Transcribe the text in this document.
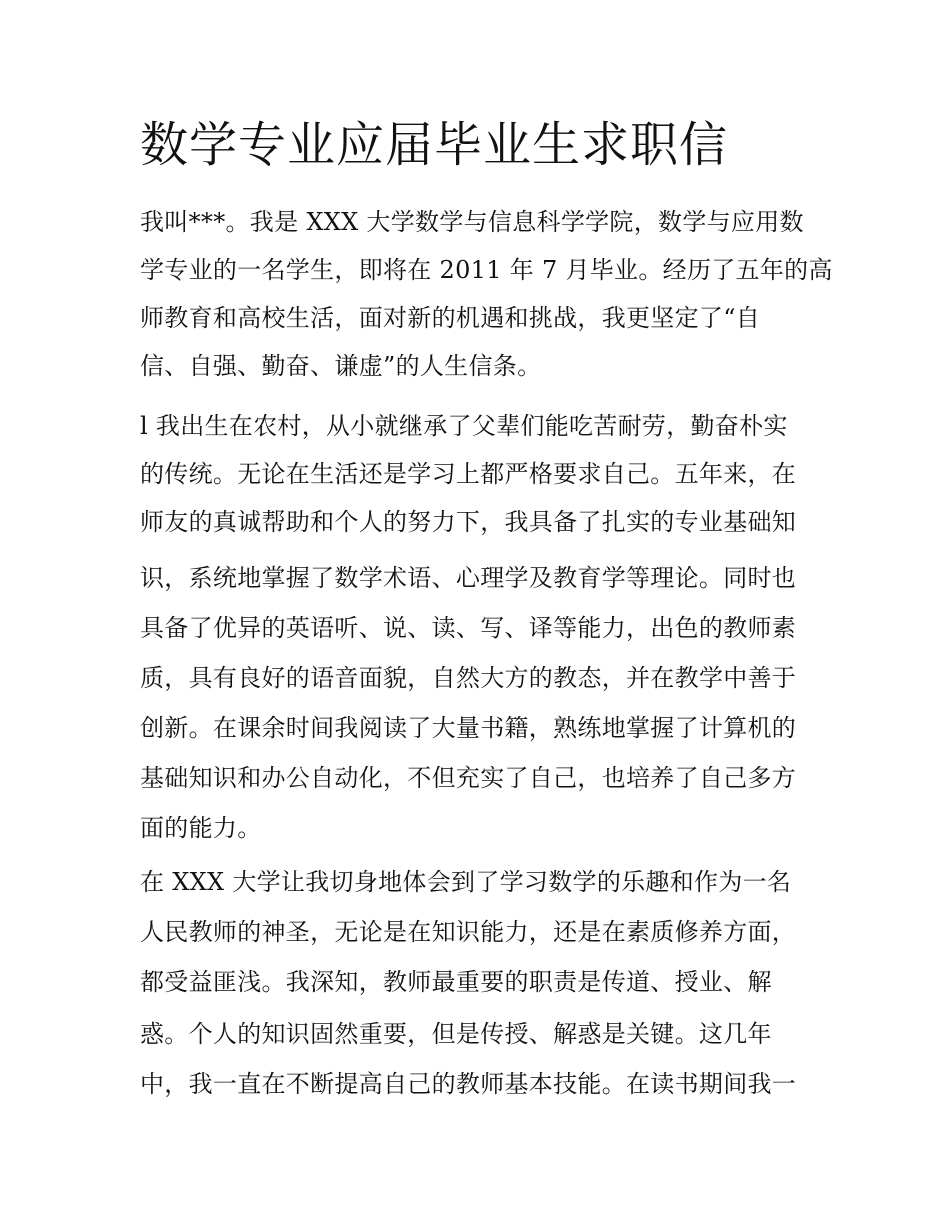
数学专业应届毕业生求职信

我叫***。我是 XXX 大学数学与信息科学学院，数学与应用数

学专业的一名学生，即将在 2011 年 7 月毕业。经历了五年的高

师教育和高校生活，面对新的机遇和挑战，我更坚定了“自

信、自强、勤奋、谦虚”的人生信条。

l 我出生在农村，从小就继承了父辈们能吃苦耐劳，勤奋朴实

的传统。无论在生活还是学习上都严格要求自己。五年来，在

师友的真诚帮助和个人的努力下，我具备了扎实的专业基础知

识，系统地掌握了数学术语、心理学及教育学等理论。同时也

具备了优异的英语听、说、读、写、译等能力，出色的教师素

质，具有良好的语音面貌，自然大方的教态，并在教学中善于

创新。在课余时间我阅读了大量书籍，熟练地掌握了计算机的

基础知识和办公自动化，不但充实了自己，也培养了自己多方

面的能力。

在 XXX 大学让我切身地体会到了学习数学的乐趣和作为一名

人民教师的神圣，无论是在知识能力，还是在素质修养方面，

都受益匪浅。我深知，教师最重要的职责是传道、授业、解

惑。个人的知识固然重要，但是传授、解惑是关键。这几年

中，我一直在不断提高自己的教师基本技能。在读书期间我一
